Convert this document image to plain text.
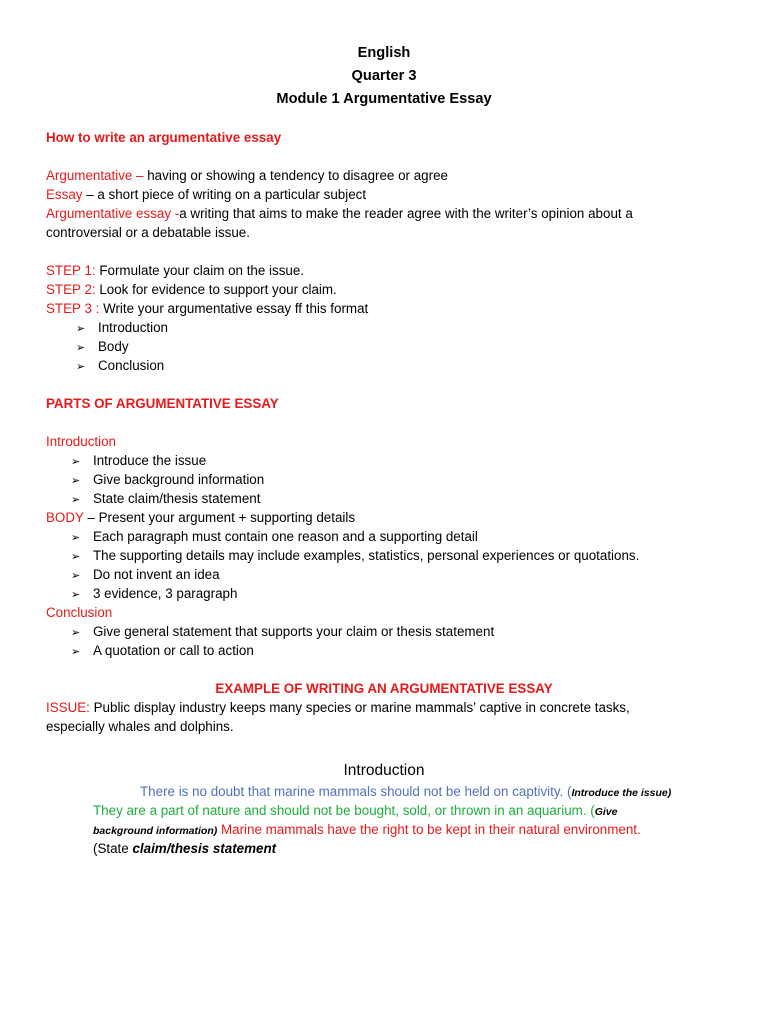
English
Quarter 3
Module 1 Argumentative Essay
How to write an argumentative essay
Argumentative – having or showing a tendency to disagree or agree
Essay – a short piece of writing on a particular subject
Argumentative essay -a writing that aims to make the reader agree with the writer’s opinion about a
controversial or a debatable issue.
STEP 1: Formulate your claim on the issue.
STEP 2: Look for evidence to support your claim.
STEP 3 : Write your argumentative essay ff this format
➢ Introduction
➢ Body
➢ Conclusion
PARTS OF ARGUMENTATIVE ESSAY
Introduction
➢ Introduce the issue
➢ Give background information
➢ State claim/thesis statement
BODY – Present your argument + supporting details
➢ Each paragraph must contain one reason and a supporting detail
➢ The supporting details may include examples, statistics, personal experiences or quotations.
➢ Do not invent an idea
➢ 3 evidence, 3 paragraph
Conclusion
➢ Give general statement that supports your claim or thesis statement
➢ A quotation or call to action
EXAMPLE OF WRITING AN ARGUMENTATIVE ESSAY
ISSUE: Public display industry keeps many species or marine mammals’ captive in concrete tasks,
especially whales and dolphins.
Introduction
There is no doubt that marine mammals should not be held on captivity. (Introduce the issue)
They are a part of nature and should not be bought, sold, or thrown in an aquarium. (Give
background information) Marine mammals have the right to be kept in their natural environment.
(State claim/thesis statement
